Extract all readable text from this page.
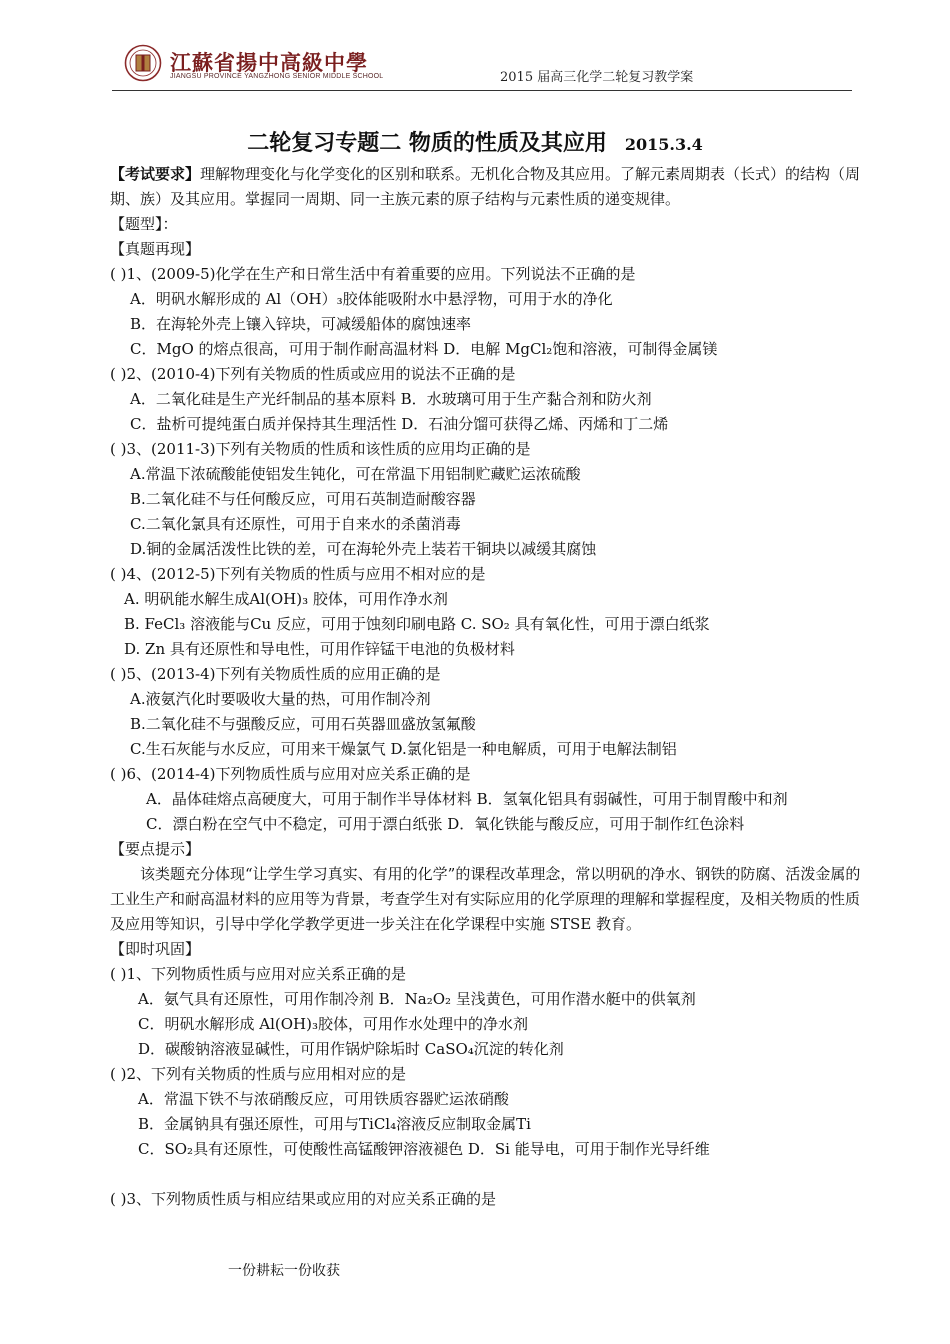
江蘇省揚中高級中學
JIANGSU PROVINCE YANGZHONG SENIOR MIDDLE SCHOOL	2015 届高三化学二轮复习教学案
二轮复习专题二 物质的性质及其应用 2015.3.4
【考试要求】理解物理变化与化学变化的区别和联系。无机化合物及其应用。了解元素周期表（长式）的结构（周期、族）及其应用。掌握同一周期、同一主族元素的原子结构与元素性质的递变规律。
【题型】：
【真题再现】
( )1、(2009-5)化学在生产和日常生活中有着重要的应用。下列说法不正确的是
A．明矾水解形成的 Al（OH）₃胶体能吸附水中悬浮物，可用于水的净化
B．在海轮外壳上镶入锌块，可减缓船体的腐蚀速率
C．MgO 的熔点很高，可用于制作耐高温材料 D．电解 MgCl₂饱和溶液，可制得金属镁
( )2、(2010-4)下列有关物质的性质或应用的说法不正确的是
A．二氧化硅是生产光纤制品的基本原料 B．水玻璃可用于生产黏合剂和防火剂
C．盐析可提纯蛋白质并保持其生理活性 D．石油分馏可获得乙烯、丙烯和丁二烯
( )3、(2011-3)下列有关物质的性质和该性质的应用均正确的是
A.常温下浓硫酸能使铝发生钝化，可在常温下用铝制贮藏贮运浓硫酸
B.二氧化硅不与任何酸反应，可用石英制造耐酸容器
C.二氧化氯具有还原性，可用于自来水的杀菌消毒
D.铜的金属活泼性比铁的差，可在海轮外壳上装若干铜块以减缓其腐蚀
( )4、(2012-5)下列有关物质的性质与应用不相对应的是
A. 明矾能水解生成Al(OH)₃ 胶体，可用作净水剂
B. FeCl₃ 溶液能与Cu 反应，可用于蚀刻印刷电路 C. SO₂ 具有氧化性，可用于漂白纸浆
D. Zn 具有还原性和导电性，可用作锌锰干电池的负极材料
( )5、(2013-4)下列有关物质性质的应用正确的是
A.液氨汽化时要吸收大量的热，可用作制冷剂
B.二氧化硅不与强酸反应，可用石英器皿盛放氢氟酸
C.生石灰能与水反应，可用来干燥氯气 D.氯化铝是一种电解质，可用于电解法制铝
( )6、(2014-4)下列物质性质与应用对应关系正确的是
A．晶体硅熔点高硬度大，可用于制作半导体材料 B．氢氧化铝具有弱碱性，可用于制胃酸中和剂
C．漂白粉在空气中不稳定，可用于漂白纸张 D．氧化铁能与酸反应，可用于制作红色涂料
【要点提示】
该类题充分体现“让学生学习真实、有用的化学”的课程改革理念，常以明矾的净水、钢铁的防腐、活泼金属的工业生产和耐高温材料的应用等为背景，考查学生对有实际应用的化学原理的理解和掌握程度，及相关物质的性质及应用等知识，引导中学化学教学更进一步关注在化学课程中实施 STSE 教育。
【即时巩固】
( )1、下列物质性质与应用对应关系正确的是
A．氨气具有还原性，可用作制冷剂 B．Na₂O₂ 呈浅黄色，可用作潜水艇中的供氧剂
C．明矾水解形成 Al(OH)₃胶体，可用作水处理中的净水剂
D．碳酸钠溶液显碱性，可用作锅炉除垢时 CaSO₄沉淀的转化剂
( )2、下列有关物质的性质与应用相对应的是
A．常温下铁不与浓硝酸反应，可用铁质容器贮运浓硝酸
B．金属钠具有强还原性，可用与TiCl₄溶液反应制取金属Ti
C．SO₂具有还原性，可使酸性高锰酸钾溶液褪色 D．Si 能导电，可用于制作光导纤维
( )3、下列物质性质与相应结果或应用的对应关系正确的是
一份耕耘一份收获
